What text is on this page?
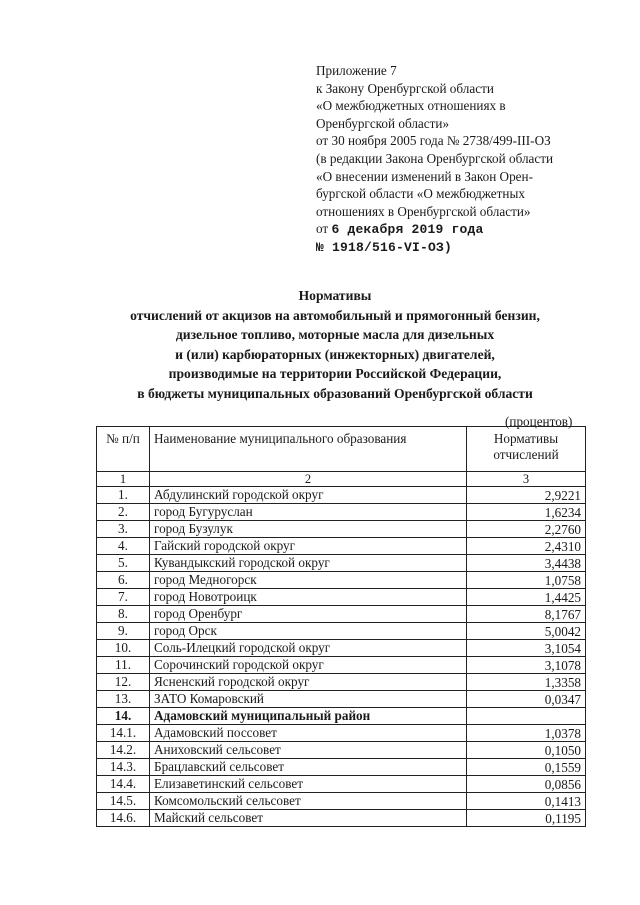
Приложение 7
к Закону Оренбургской области
«О межбюджетных отношениях в
Оренбургской области»
от 30 ноября 2005 года № 2738/499-III-ОЗ
(в редакции Закона Оренбургской области
«О внесении изменений в Закон Орен-
бургской области «О межбюджетных
отношениях в Оренбургской области»
от 6 декабря 2019 года
№ 1918/516-VI-ОЗ)
Нормативы
отчислений от акцизов на автомобильный и прямогонный бензин,
дизельное топливо, моторные масла для дизельных
и (или) карбюраторных (инжекторных) двигателей,
производимые на территории Российской Федерации,
в бюджеты муниципальных образований Оренбургской области
(процентов)
№ п/п	Наименование муниципального образования	Нормативы отчислений
1	2	3
1.	Абдулинский городской округ	2,9221
2.	город Бугуруслан	1,6234
3.	город Бузулук	2,2760
4.	Гайский городской округ	2,4310
5.	Кувандыкский городской округ	3,4438
6.	город Медногорск	1,0758
7.	город Новотроицк	1,4425
8.	город Оренбург	8,1767
9.	город Орск	5,0042
10.	Соль-Илецкий городской округ	3,1054
11.	Сорочинский городской округ	3,1078
12.	Ясненский городской округ	1,3358
13.	ЗАТО Комаровский	0,0347
14.	Адамовский муниципальный район	
14.1.	Адамовский поссовет	1,0378
14.2.	Аниховский сельсовет	0,1050
14.3.	Брацлавский сельсовет	0,1559
14.4.	Елизаветинский сельсовет	0,0856
14.5.	Комсомольский сельсовет	0,1413
14.6.	Майский сельсовет	0,1195
